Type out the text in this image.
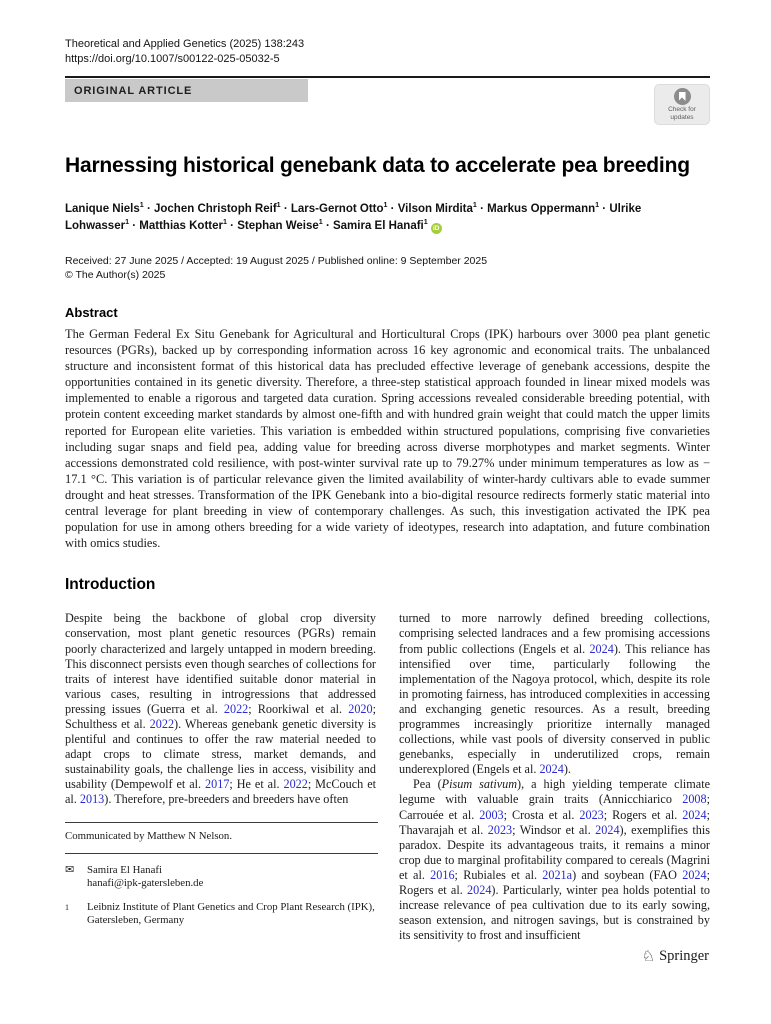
Theoretical and Applied Genetics (2025) 138:243
https://doi.org/10.1007/s00122-025-05032-5
ORIGINAL ARTICLE
Check for
updates
Harnessing historical genebank data to accelerate pea breeding
Lanique Niels$^1$ · Jochen Christoph Reif$^1$ · Lars-Gernot Otto$^1$ · Vilson Mirdita$^1$ · Markus Oppermann$^1$ · Ulrike Lohwasser$^1$ · Matthias Kotter$^1$ · Stephan Weise$^1$ · Samira El Hanafi$^1$iD
Received: 27 June 2025 / Accepted: 19 August 2025 / Published online: 9 September 2025
© The Author(s) 2025
Abstract
The German Federal Ex Situ Genebank for Agricultural and Horticultural Crops (IPK) harbours over 3000 pea plant genetic resources (PGRs), backed up by corresponding information across 16 key agronomic and economical traits. The unbalanced structure and inconsistent format of this historical data has precluded effective leverage of genebank accessions, despite the opportunities contained in its genetic diversity. Therefore, a three-step statistical approach founded in linear mixed models was implemented to enable a rigorous and targeted data curation. Spring accessions revealed considerable breeding potential, with protein content exceeding market standards by almost one-fifth and with hundred grain weight that could match the upper limits reported for European elite varieties. This variation is embedded within structured populations, comprising five convarieties including sugar snaps and field pea, adding value for breeding across diverse morphotypes and market segments. Winter accessions demonstrated cold resilience, with post-winter survival rate up to 79.27% under minimum temperatures as low as − 17.1 °C. This variation is of particular relevance given the limited availability of winter-hardy cultivars able to evade summer drought and heat stresses. Transformation of the IPK Genebank into a bio-digital resource redirects formerly static material into central leverage for plant breeding in view of contemporary challenges. As such, this investigation activated the IPK pea population for use in among others breeding for a wide variety of ideotypes, research into adaptation, and future combination with omics studies.
Introduction

Despite being the backbone of global crop diversity conservation, most plant genetic resources (PGRs) remain poorly characterized and largely untapped in modern breeding. This disconnect persists even though searches of collections for traits of interest have identified suitable donor material in various cases, resulting in introgressions that addressed pressing issues (Guerra et al. 2022; Roorkiwal et al. 2020; Schulthess et al. 2022). Whereas genebank genetic diversity is plentiful and continues to offer the raw material needed to adapt crops to climate stress, market demands, and sustainability goals, the challenge lies in access, visibility and usability (Dempewolf et al. 2017; He et al. 2022; McCouch et al. 2013). Therefore, pre-breeders and breeders have often

turned to more narrowly defined breeding collections, comprising selected landraces and a few promising accessions from public collections (Engels et al. 2024). This reliance has intensified over time, particularly following the implementation of the Nagoya protocol, which, despite its role in promoting fairness, has introduced complexities in accessing and exchanging genetic resources. As a result, breeding programmes increasingly prioritize internally managed collections, while vast pools of diversity conserved in public genebanks, especially in underutilized crops, remain underexplored (Engels et al. 2024).

Pea (Pisum sativum), a high yielding temperate climate legume with valuable grain traits (Annicchiarico 2008; Carrouée et al. 2003; Crosta et al. 2023; Rogers et al. 2024; Thavarajah et al. 2023; Windsor et al. 2024), exemplifies this paradox. Despite its advantageous traits, it remains a minor crop due to marginal profitability compared to cereals (Magrini et al. 2016; Rubiales et al. 2021a) and soybean (FAO 2024; Rogers et al. 2024). Particularly, winter pea holds potential to increase relevance of pea cultivation due to its early sowing, season extension, and nitrogen savings, but is constrained by its sensitivity to frost and insufficient

Communicated by Matthew N Nelson.
✉	Samira El Hanafi
hanafi@ipk-gatersleben.de
$^1$	Leibniz Institute of Plant Genetics and Crop Plant Research (IPK), Gatersleben, Germany
♘ Springer
